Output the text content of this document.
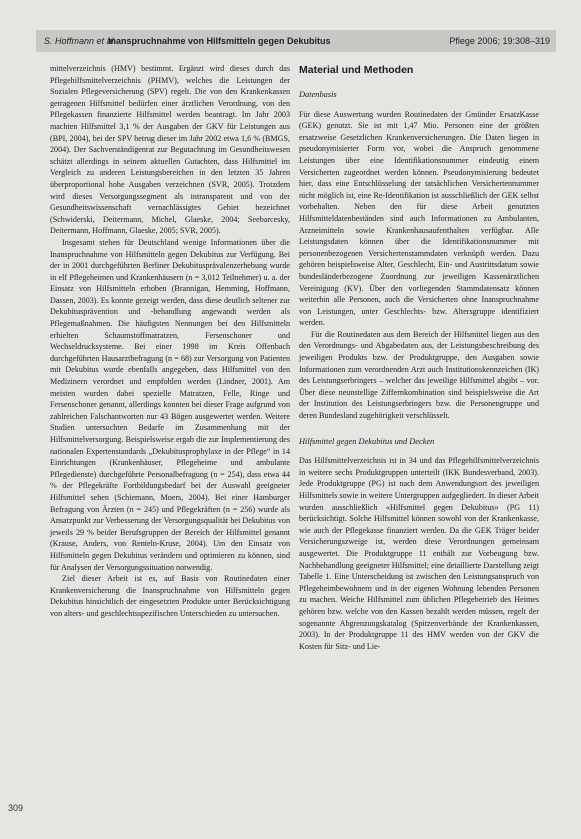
S. Hoffmann et al.
Inanspruchnahme von Hilfsmitteln gegen Dekubitus	Pflege 2006; 19:308–319

mittelverzeichnis (HMV) bestimmt. Ergänzt wird dieses durch das Pflegehilfsmittelverzeichnis (PHMV), welches die Leistungen der Sozialen Pflegeversicherung (SPV) regelt. Die von den Krankenkassen getragenen Hilfsmittel bedürfen einer ärztlichen Verordnung, von den Pflegekassen finanzierte Hilfsmittel werden beantragt. Im Jahr 2003 machten Hilfsmittel 3,1 % der Ausgaben der GKV für Leistungen aus (BPI, 2004), bei der SPV betrug dieser im Jahr 2002 etwa 1,6 % (BMGS, 2004). Der Sachverständigenrat zur Begutachtung im Gesundheitswesen schätzt allerdings in seinem aktuellen Gutachten, dass Hilfsmittel im Vergleich zu anderen Leistungsbereichen in den letzten 35 Jahren überproportional hohe Ausgaben verzeichnen (SVR, 2005). Trotzdem wird dieses Versorgungssegment als intransparent und von der Gesundheitswissenschaft vernachlässigtes Gebiet bezeichnet (Schwiderski, Deitermann, Michel, Glaeske, 2004; Seebarcesky, Deitermann, Hoffmann, Glaeske, 2005; SVR, 2005).

Insgesamt stehen für Deutschland wenige Informationen über die Inanspruchnahme von Hilfsmitteln gegen Dekubitus zur Verfügung. Bei der in 2001 durchgeführten Berliner Dekubitusprävalenzerhebung wurde in elf Pflegeheimen und Krankenhäusern (n = 3,012 Teilnehmer) u. a. der Einsatz von Hilfsmitteln erhoben (Brannigan, Hemming, Hoffmann, Dassen, 2003). Es konnte gezeigt werden, dass diese deutlich seltener zur Dekubitusprävention und -behandlung angewandt werden als Pflegemaßnahmen. Die häufigsten Nennungen bei den Hilfsmitteln erhielten Schaumstoffmatratzen, Fersenschoner und Wechseldrucksysteme. Bei einer 1998 im Kreis Offenbach durchgeführten Hausarztbefragung (n = 68) zur Versorgung von Patienten mit Dekubitus wurde ebenfalls angegeben, dass Hilfsmittel von den Medizinern verordnet und empfohlen werden (Lindner, 2001). Am meisten wurden dabei spezielle Matratzen, Felle, Ringe und Fersenschoner genannt, allerdings konnten bei dieser Frage aufgrund von zahlreichen Falschantworten nur 43 Bögen ausgewertet werden. Weitere Studien untersuchten Bedarfe im Zusammenhang mit der Hilfsmittelversorgung. Beispielsweise ergab die zur Implementierung des nationalen Expertenstandards „Dekubitusprophylaxe in der Pflege“ in 14 Einrichtungen (Krankenhäuser, Pflegeheime und ambulante Pflegedienste) durchgeführte Personalbefragung (n = 254), dass etwa 44 % der Pflegekräfte Fortbildungsbedarf bei der Auswahl geeigneter Hilfsmittel sehen (Schiemann, Moers, 2004). Bei einer Hamburger Befragung von Ärzten (n = 245) und Pflegekräften (n = 256) wurde als Ansatzpunkt zur Verbesserung der Versorgungsqualität bei Dekubitus von jeweils 29 % beider Berufsgruppen der Bereich der Hilfsmittel genannt (Krause, Anders, von Renteln-Kruse, 2004). Um den Einsatz von Hilfsmitteln gegen Dekubitus verändern und optimieren zu können, sind für Analysen der Versorgungssituation notwendig.

Ziel dieser Arbeit ist es, auf Basis von Routinedaten einer Krankenversicherung die Inanspruchnahme von Hilfsmitteln gegen Dekubitus hinsichtlich der eingesetzten Produkte unter Berücksichtigung von alters- und geschlechtsspezifischen Unterschieden zu untersuchen.

Material und Methoden
Datenbasis

Für diese Auswertung wurden Routinedaten der Gmünder ErsatzKasse (GEK) genutzt. Sie ist mit 1,47 Mio. Personen eine der größten ersatzweise Gesetzlichen Krankenversicherungen. Die Daten liegen in pseudonymisierter Form vor, wobei die Anspruch genommene Leistungen über eine Identifikationsnummer eindeutig einem Versicherten zugeordnet werden können. Pseudonymisierung bedeutet hier, dass eine Entschlüsselung der tatsächlichen Versichertennummer nicht möglich ist, eine Re-Identifikation ist ausschließlich der GEK selbst vorbehalten. Neben den für diese Arbeit genutzten Hilfsmitteldatenbeständen sind auch Informationen zu Ambulanten, Arzneimitteln sowie Krankenhausaufenthalten verfügbar. Alle Leistungsdaten können über die Identifikationsnummer mit personenbezogenen Versichertenstammdaten verknüpft werden. Dazu gehören beispielsweise Alter, Geschlecht, Ein- und Austrittsdatum sowie bundesländerbezogene Zuordnung zur jeweiligen Kassenärztlichen Vereinigung (KV). Über den vorliegenden Stammdatensatz können weiterhin alle Personen, auch die Versicherten ohne Inanspruchnahme von Leistungen, unter Geschlechts- bzw. Altersgruppe identifiziert werden.

Für die Routinedaten aus dem Bereich der Hilfsmittel liegen aus den den Verordnungs- und Abgabedaten aus, der Leistungsbeschreibung des jeweiligen Produkts bzw. der Produktgruppe, den Ausgaben sowie Informationen zum verordnenden Arzt auch Institutionskennzeichen (IK) des Leistungserbringers – welcher das jeweilige Hilfsmittel abgibt – vor. Über diese neunstellige Ziffernkombination sind beispielsweise die Art der Institution des Leistungserbringers bzw. die Personengruppe und deren Bundesland zugehörigkeit verschlüsselt.

Hilfsmittel gegen Dekubitus und Decken

Das Hilfsmittelverzeichnis ist in 34 und das Pflegehilfsmittelverzeichnis in weitere sechs Produktgruppen unterteilt (IKK Bundesverband, 2003). Jede Produktgruppe (PG) ist nach dem Anwendungsort des jeweiligen Hilfsmittels sowie in weitere Untergruppen aufgegliedert. In dieser Arbeit wurden ausschließlich «Hilfsmittel gegen Dekubitus» (PG 11) berücksichtigt. Solche Hilfsmittel können sowohl von der Krankenkasse, wie auch der Pflegekasse finanziert werden. Da die GEK Träger beider Versicherungszweige ist, werden diese Verordnungen gemeinsam ausgewertet. Die Produktgruppe 11 enthält zur Vorbeugung bzw. Nachbehandlung geeigneter Hilfsmittel; eine detaillierte Darstellung zeigt Tabelle 1. Eine Unterscheidung ist zwischen den Leistungsanspruch von Pflegeheimbewohnern und in der eigenen Wohnung lebenden Personen zu machen. Weiche Hilfsmittel zum üblichen Pflegebetrieb des Heimes gehören bzw. welche von den Kassen bezahlt werden müssen, regelt der sogenannte Abgrenzungskatalog (Spitzenverbände der Krankenkassen, 2003). In der Produktgruppe 11 des HMV werden von der GKV die Kosten für Sitz- und Lie-

309
